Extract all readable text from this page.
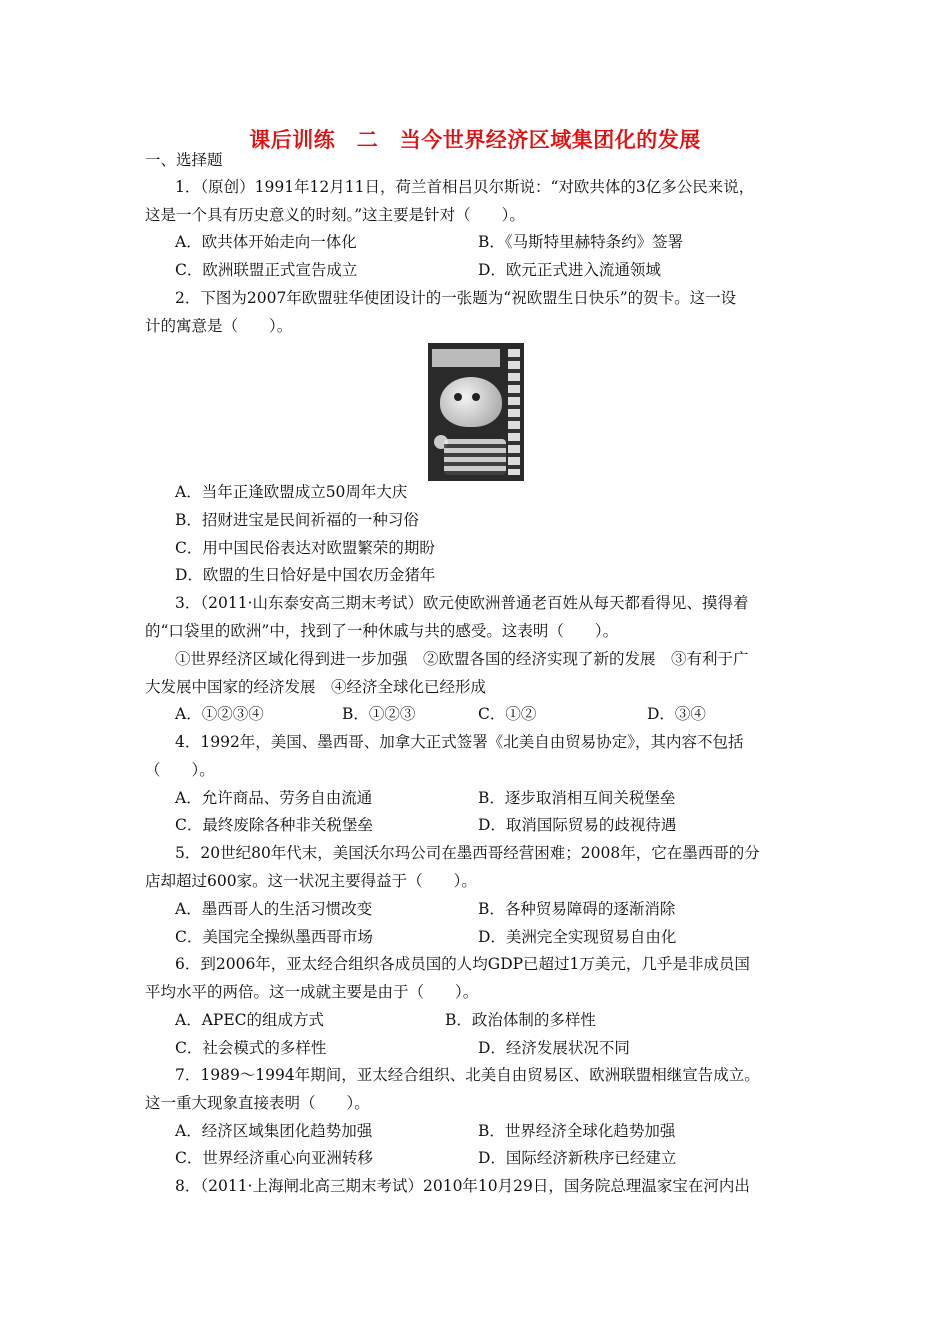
课后训练　二　当今世界经济区域集团化的发展
一、选择题
1．（原创）1991年12月11日，荷兰首相吕贝尔斯说：“对欧共体的3亿多公民来说，
这是一个具有历史意义的时刻。”这主要是针对（　　）。
A．欧共体开始走向一体化	B．《马斯特里赫特条约》签署
C．欧洲联盟正式宣告成立	D．欧元正式进入流通领域
2．下图为2007年欧盟驻华使团设计的一张题为“祝欧盟生日快乐”的贺卡。这一设
计的寓意是（　　）。
A．当年正逢欧盟成立50周年大庆
B．招财进宝是民间祈福的一种习俗
C．用中国民俗表达对欧盟繁荣的期盼
D．欧盟的生日恰好是中国农历金猪年
3．（2011·山东泰安高三期末考试）欧元使欧洲普通老百姓从每天都看得见、摸得着
的“口袋里的欧洲”中，找到了一种休戚与共的感受。这表明（　　）。
①世界经济区域化得到进一步加强　②欧盟各国的经济实现了新的发展　③有利于广
大发展中国家的经济发展　④经济全球化已经形成
A．①②③④	B．①②③	C．①②	D．③④
4．1992年，美国、墨西哥、加拿大正式签署《北美自由贸易协定》，其内容不包括
（　　）。
A．允许商品、劳务自由流通	B．逐步取消相互间关税堡垒
C．最终废除各种非关税堡垒	D．取消国际贸易的歧视待遇
5．20世纪80年代末，美国沃尔玛公司在墨西哥经营困难；2008年，它在墨西哥的分
店却超过600家。这一状况主要得益于（　　）。
A．墨西哥人的生活习惯改变	B．各种贸易障碍的逐渐消除
C．美国完全操纵墨西哥市场	D．美洲完全实现贸易自由化
6．到2006年，亚太经合组织各成员国的人均GDP已超过1万美元，几乎是非成员国
平均水平的两倍。这一成就主要是由于（　　）。
A．APEC的组成方式	B．政治体制的多样性
C．社会模式的多样性	D．经济发展状况不同
7．1989～1994年期间，亚太经合组织、北美自由贸易区、欧洲联盟相继宣告成立。
这一重大现象直接表明（　　）。
A．经济区域集团化趋势加强	B．世界经济全球化趋势加强
C．世界经济重心向亚洲转移	D．国际经济新秩序已经建立
8．（2011·上海闸北高三期末考试）2010年10月29日，国务院总理温家宝在河内出
